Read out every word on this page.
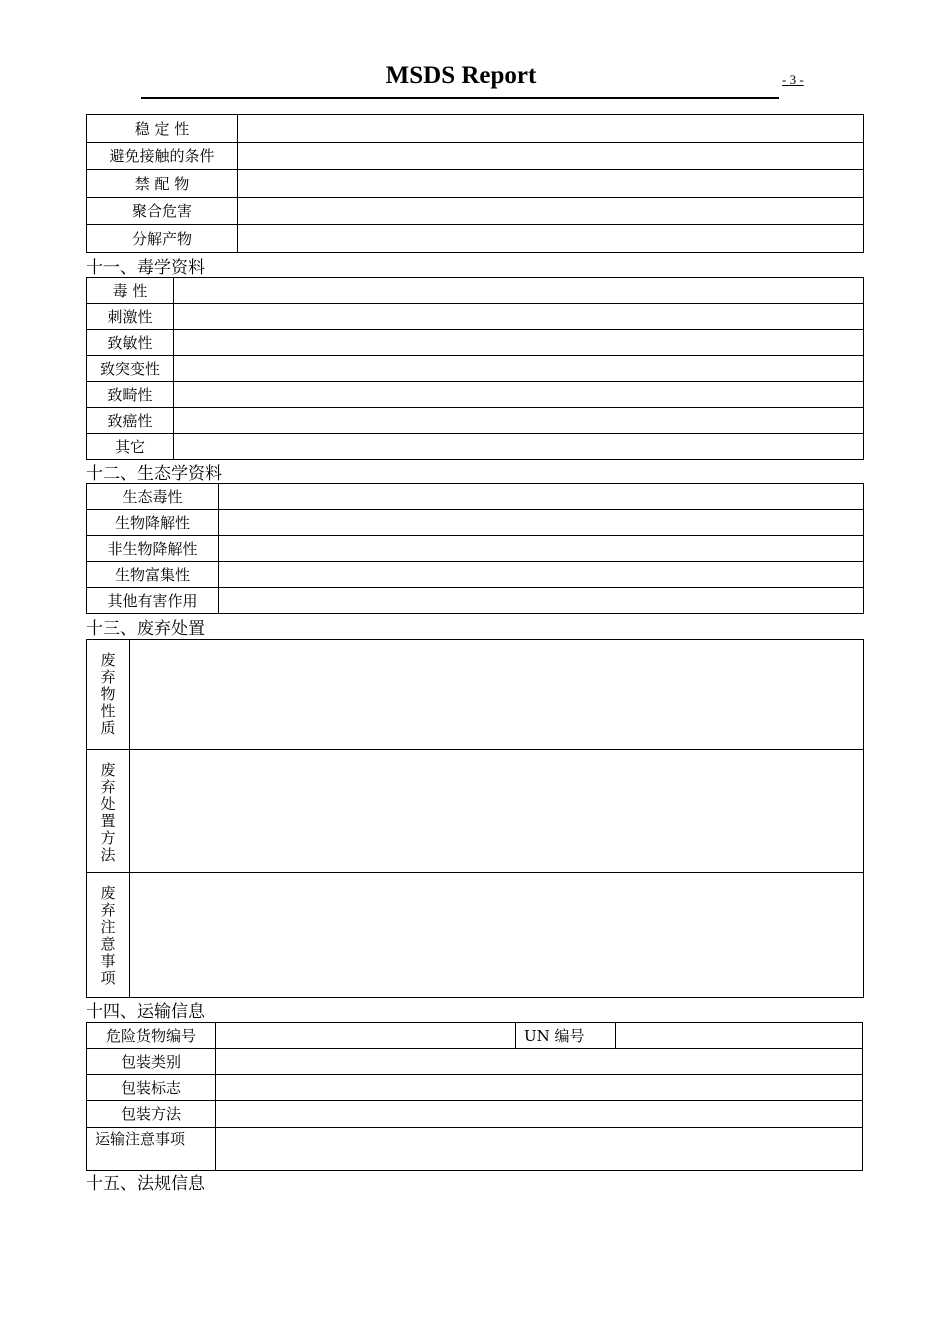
MSDS Report	- 3 -
稳 定 性	
避免接触的条件	
禁 配 物	
聚合危害	
分解产物	
十一、毒学资料
毒 性	
刺激性	
致敏性	
致突变性	
致畸性	
致癌性	
其它	
十二、生态学资料
生态毒性	
生物降解性	
非生物降解性	
生物富集性	
其他有害作用	
十三、废弃处置
废弃物性质	

废弃处置方法	

废弃注意事项	

十四、运输信息
危险货物编号		UN 编号	
包装类别			
包装标志			
包装方法			
运输注意事项			
十五、法规信息
